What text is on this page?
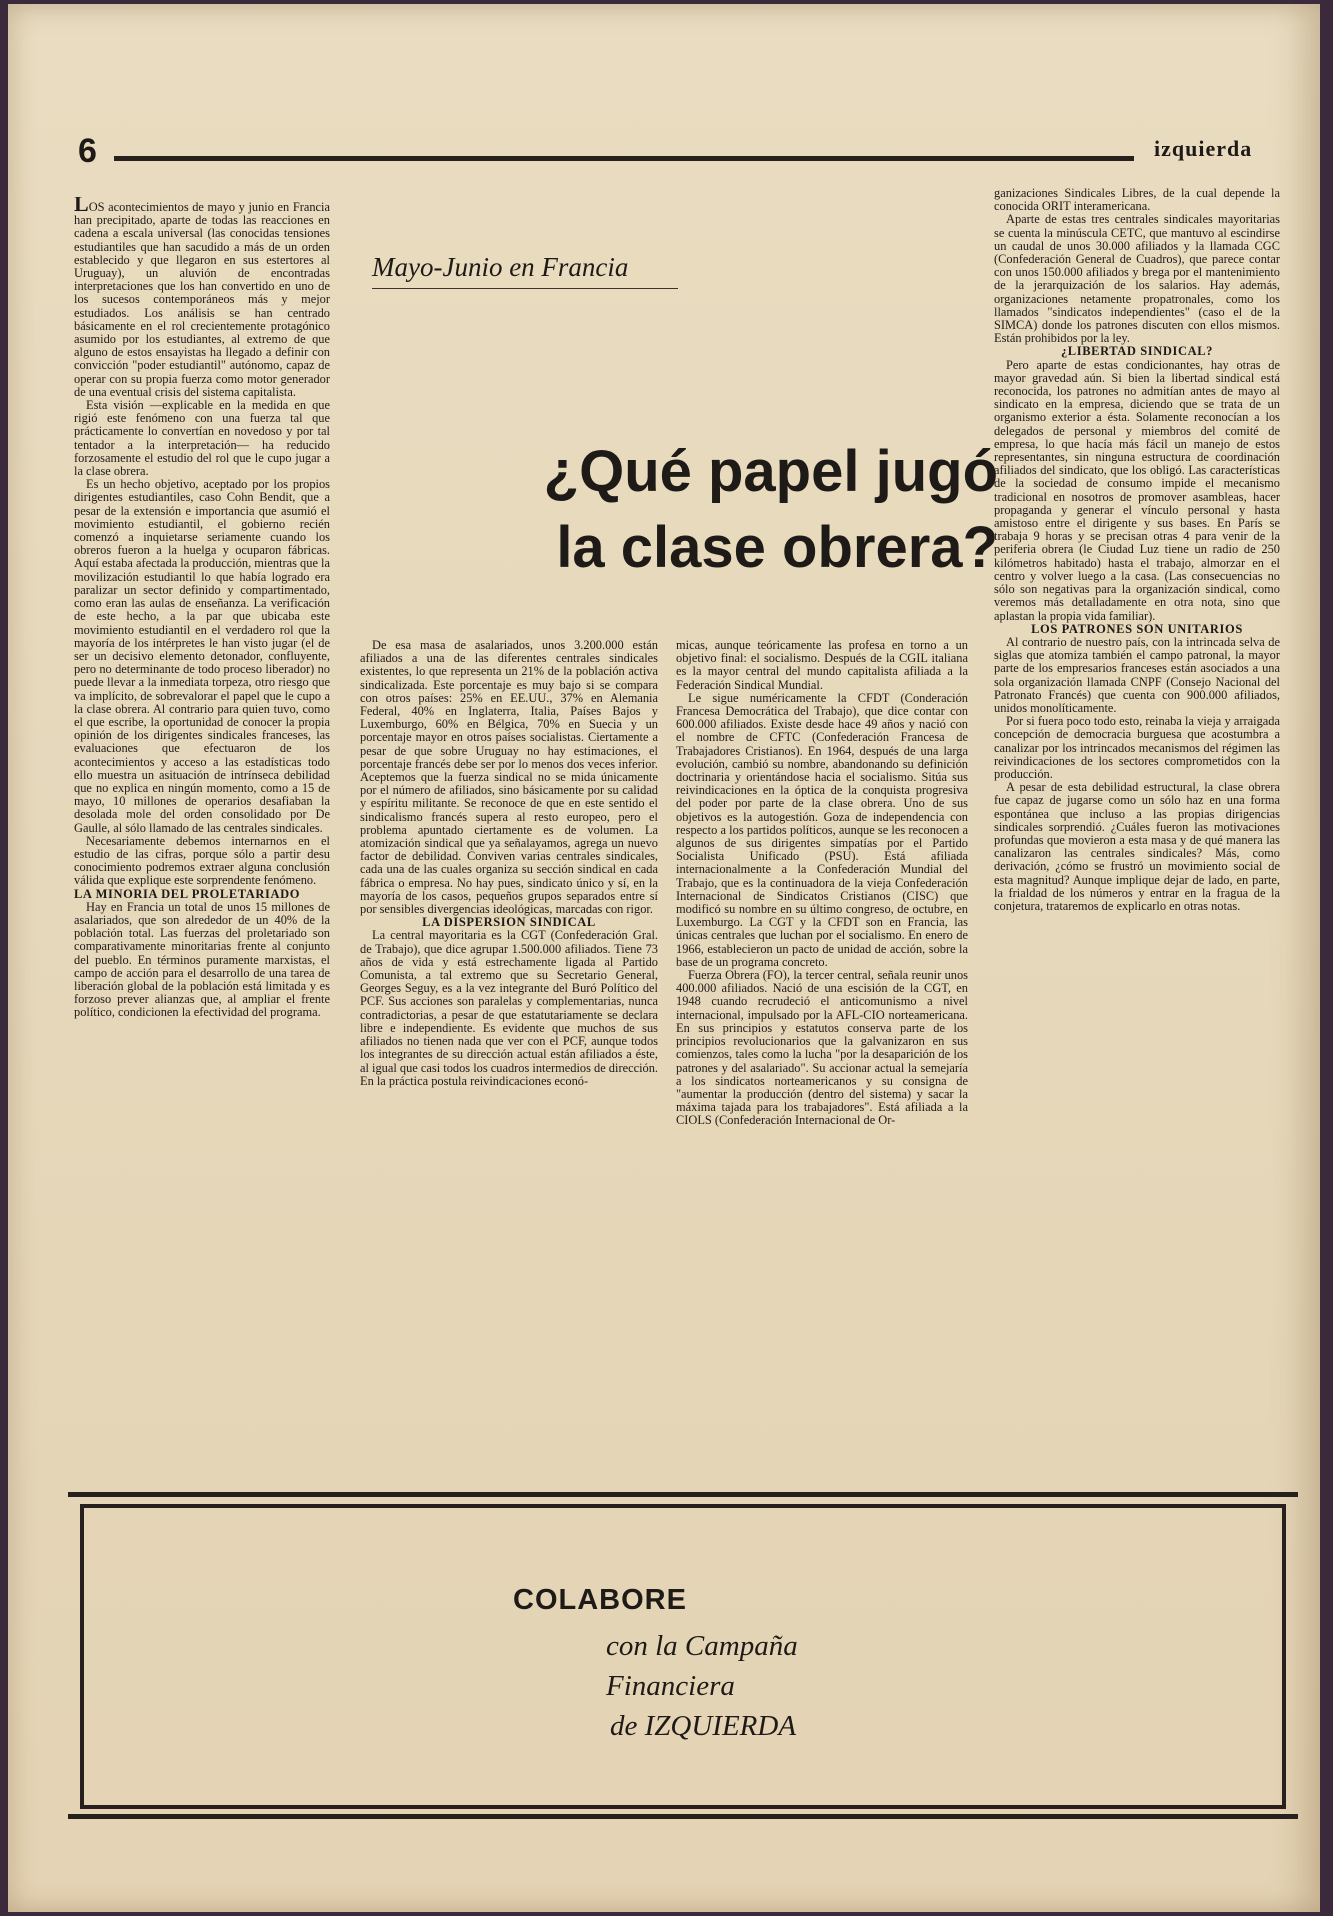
6	izquierda

LOS acontecimientos de mayo y junio en Francia han precipitado, aparte de todas las reacciones en cadena a escala universal (las conocidas tensiones estudiantiles que han sacudido a más de un orden establecido y que llegaron en sus estertores al Uruguay), un aluvión de encontradas interpretaciones que los han convertido en uno de los sucesos contemporáneos más y mejor estudiados. Los análisis se han centrado básicamente en el rol crecientemente protagónico asumido por los estudiantes, al extremo de que alguno de estos ensayistas ha llegado a definir con convicción "poder estudiantil" autónomo, capaz de operar con su propia fuerza como motor generador de una eventual crisis del sistema capitalista.

Esta visión —explicable en la medida en que rigió este fenómeno con una fuerza tal que prácticamente lo convertían en novedoso y por tal tentador a la interpretación— ha reducido forzosamente el estudio del rol que le cupo jugar a la clase obrera.

Es un hecho objetivo, aceptado por los propios dirigentes estudiantiles, caso Cohn Bendit, que a pesar de la extensión e importancia que asumió el movimiento estudiantil, el gobierno recién comenzó a inquietarse seriamente cuando los obreros fueron a la huelga y ocuparon fábricas. Aquí estaba afectada la producción, mientras que la movilización estudiantil lo que había logrado era paralizar un sector definido y compartimentado, como eran las aulas de enseñanza. La verificación de este hecho, a la par que ubicaba este movimiento estudiantil en el verdadero rol que la mayoría de los intérpretes le han visto jugar (el de ser un decisivo elemento detonador, confluyente, pero no determinante de todo proceso liberador) no puede llevar a la inmediata torpeza, otro riesgo que va implícito, de sobrevalorar el papel que le cupo a la clase obrera. Al contrario para quien tuvo, como el que escribe, la oportunidad de conocer la propia opinión de los dirigentes sindicales franceses, las evaluaciones que efectuaron de los acontecimientos y acceso a las estadísticas todo ello muestra un asituación de intrínseca debilidad que no explica en ningún momento, como a 15 de mayo, 10 millones de operarios desafiaban la desolada mole del orden consolidado por De Gaulle, al sólo llamado de las centrales sindicales.

Necesariamente debemos internarnos en el estudio de las cifras, porque sólo a partir desu conocimiento podremos extraer alguna conclusión válida que explique este sorprendente fenómeno.

LA MINORIA DEL PROLETARIADO

Hay en Francia un total de unos 15 millones de asalariados, que son alrededor de un 40% de la población total. Las fuerzas del proletariado son comparativamente minoritarias frente al conjunto del pueblo. En términos puramente marxistas, el campo de acción para el desarrollo de una tarea de liberación global de la población está limitada y es forzoso prever alianzas que, al ampliar el frente político, condicionen la efectividad del programa.

Mayo-Junio en Francia
¿Qué papel jugó
la clase obrera?

De esa masa de asalariados, unos 3.200.000 están afiliados a una de las diferentes centrales sindicales existentes, lo que representa un 21% de la población activa sindicalizada. Este porcentaje es muy bajo si se compara con otros países: 25% en EE.UU., 37% en Alemania Federal, 40% en Inglaterra, Italia, Países Bajos y Luxemburgo, 60% en Bélgica, 70% en Suecia y un porcentaje mayor en otros países socialistas. Ciertamente a pesar de que sobre Uruguay no hay estimaciones, el porcentaje francés debe ser por lo menos dos veces inferior. Aceptemos que la fuerza sindical no se mida únicamente por el número de afiliados, sino básicamente por su calidad y espíritu militante. Se reconoce de que en este sentido el sindicalismo francés supera al resto europeo, pero el problema apuntado ciertamente es de volumen. La atomización sindical que ya señalayamos, agrega un nuevo factor de debilidad. Conviven varias centrales sindicales, cada una de las cuales organiza su sección sindical en cada fábrica o empresa. No hay pues, sindicato único y sí, en la mayoría de los casos, pequeños grupos separados entre sí por sensibles divergencias ideológicas, marcadas con rigor.

LA DISPERSION SINDICAL

La central mayoritaria es la CGT (Confederación Gral. de Trabajo), que dice agrupar 1.500.000 afiliados. Tiene 73 años de vida y está estrechamente ligada al Partido Comunista, a tal extremo que su Secretario General, Georges Seguy, es a la vez integrante del Buró Político del PCF. Sus acciones son paralelas y complementarias, nunca contradictorias, a pesar de que estatutariamente se declara libre e independiente. Es evidente que muchos de sus afiliados no tienen nada que ver con el PCF, aunque todos los integrantes de su dirección actual están afiliados a éste, al igual que casi todos los cuadros intermedios de dirección. En la práctica postula reivindicaciones econó-

micas, aunque teóricamente las profesa en torno a un objetivo final: el socialismo. Después de la CGIL italiana es la mayor central del mundo capitalista afiliada a la Federación Sindical Mundial.

Le sigue numéricamente la CFDT (Conderación Francesa Democrática del Trabajo), que dice contar con 600.000 afiliados. Existe desde hace 49 años y nació con el nombre de CFTC (Confederación Francesa de Trabajadores Cristianos). En 1964, después de una larga evolución, cambió su nombre, abandonando su definición doctrinaria y orientándose hacia el socialismo. Sitúa sus reivindicaciones en la óptica de la conquista progresiva del poder por parte de la clase obrera. Uno de sus objetivos es la autogestión. Goza de independencia con respecto a los partidos políticos, aunque se les reconocen a algunos de sus dirigentes simpatías por el Partido Socialista Unificado (PSU). Está afiliada internacionalmente a la Confederación Mundial del Trabajo, que es la continuadora de la vieja Confederación Internacional de Sindicatos Cristianos (CISC) que modificó su nombre en su último congreso, de octubre, en Luxemburgo. La CGT y la CFDT son en Francia, las únicas centrales que luchan por el socialismo. En enero de 1966, establecieron un pacto de unidad de acción, sobre la base de un programa concreto.

Fuerza Obrera (FO), la tercer central, señala reunir unos 400.000 afiliados. Nació de una escisión de la CGT, en 1948 cuando recrudeció el anticomunismo a nivel internacional, impulsado por la AFL-CIO norteamericana. En sus principios y estatutos conserva parte de los principios revolucionarios que la galvanizaron en sus comienzos, tales como la lucha "por la desaparición de los patrones y del asalariado". Su accionar actual la semejaría a los sindicatos norteamericanos y su consigna de "aumentar la producción (dentro del sistema) y sacar la máxima tajada para los trabajadores". Está afiliada a la CIOLS (Confederación Internacional de Or-

ganizaciones Sindicales Libres, de la cual depende la conocida ORIT interamericana.

Aparte de estas tres centrales sindicales mayoritarias se cuenta la minúscula CETC, que mantuvo al escindirse un caudal de unos 30.000 afiliados y la llamada CGC (Confederación General de Cuadros), que parece contar con unos 150.000 afiliados y brega por el mantenimiento de la jerarquización de los salarios. Hay además, organizaciones netamente propatronales, como los llamados "sindicatos independientes" (caso el de la SIMCA) donde los patrones discuten con ellos mismos. Están prohibidos por la ley.

¿LIBERTAD SINDICAL?

Pero aparte de estas condicionantes, hay otras de mayor gravedad aún. Si bien la libertad sindical está reconocida, los patrones no admitían antes de mayo al sindicato en la empresa, diciendo que se trata de un organismo exterior a ésta. Solamente reconocían a los delegados de personal y miembros del comité de empresa, lo que hacía más fácil un manejo de estos representantes, sin ninguna estructura de coordinación afiliados del sindicato, que los obligó. Las características de la sociedad de consumo impide el mecanismo tradicional en nosotros de promover asambleas, hacer propaganda y generar el vínculo personal y hasta amistoso entre el dirigente y sus bases. En París se trabaja 9 horas y se precisan otras 4 para venir de la periferia obrera (le Ciudad Luz tiene un radio de 250 kilómetros habitado) hasta el trabajo, almorzar en el centro y volver luego a la casa. (Las consecuencias no sólo son negativas para la organización sindical, como veremos más detalladamente en otra nota, sino que aplastan la propia vida familiar).

LOS PATRONES SON UNITARIOS

Al contrario de nuestro país, con la intrincada selva de siglas que atomiza también el campo patronal, la mayor parte de los empresarios franceses están asociados a una sola organización llamada CNPF (Consejo Nacional del Patronato Francés) que cuenta con 900.000 afiliados, unidos monolíticamente.

Por si fuera poco todo esto, reinaba la vieja y arraigada concepción de democracia burguesa que acostumbra a canalizar por los intrincados mecanismos del régimen las reivindicaciones de los sectores comprometidos con la producción.

A pesar de esta debilidad estructural, la clase obrera fue capaz de jugarse como un sólo haz en una forma espontánea que incluso a las propias dirigencias sindicales sorprendió. ¿Cuáles fueron las motivaciones profundas que movieron a esta masa y de qué manera las canalizaron las centrales sindicales? Más, como derivación, ¿cómo se frustró un movimiento social de esta magnitud? Aunque implique dejar de lado, en parte, la frialdad de los números y entrar en la fragua de la conjetura, trataremos de explicarlo en otras notas.

COLABORE
con la Campaña
Financiera
de IZQUIERDA
